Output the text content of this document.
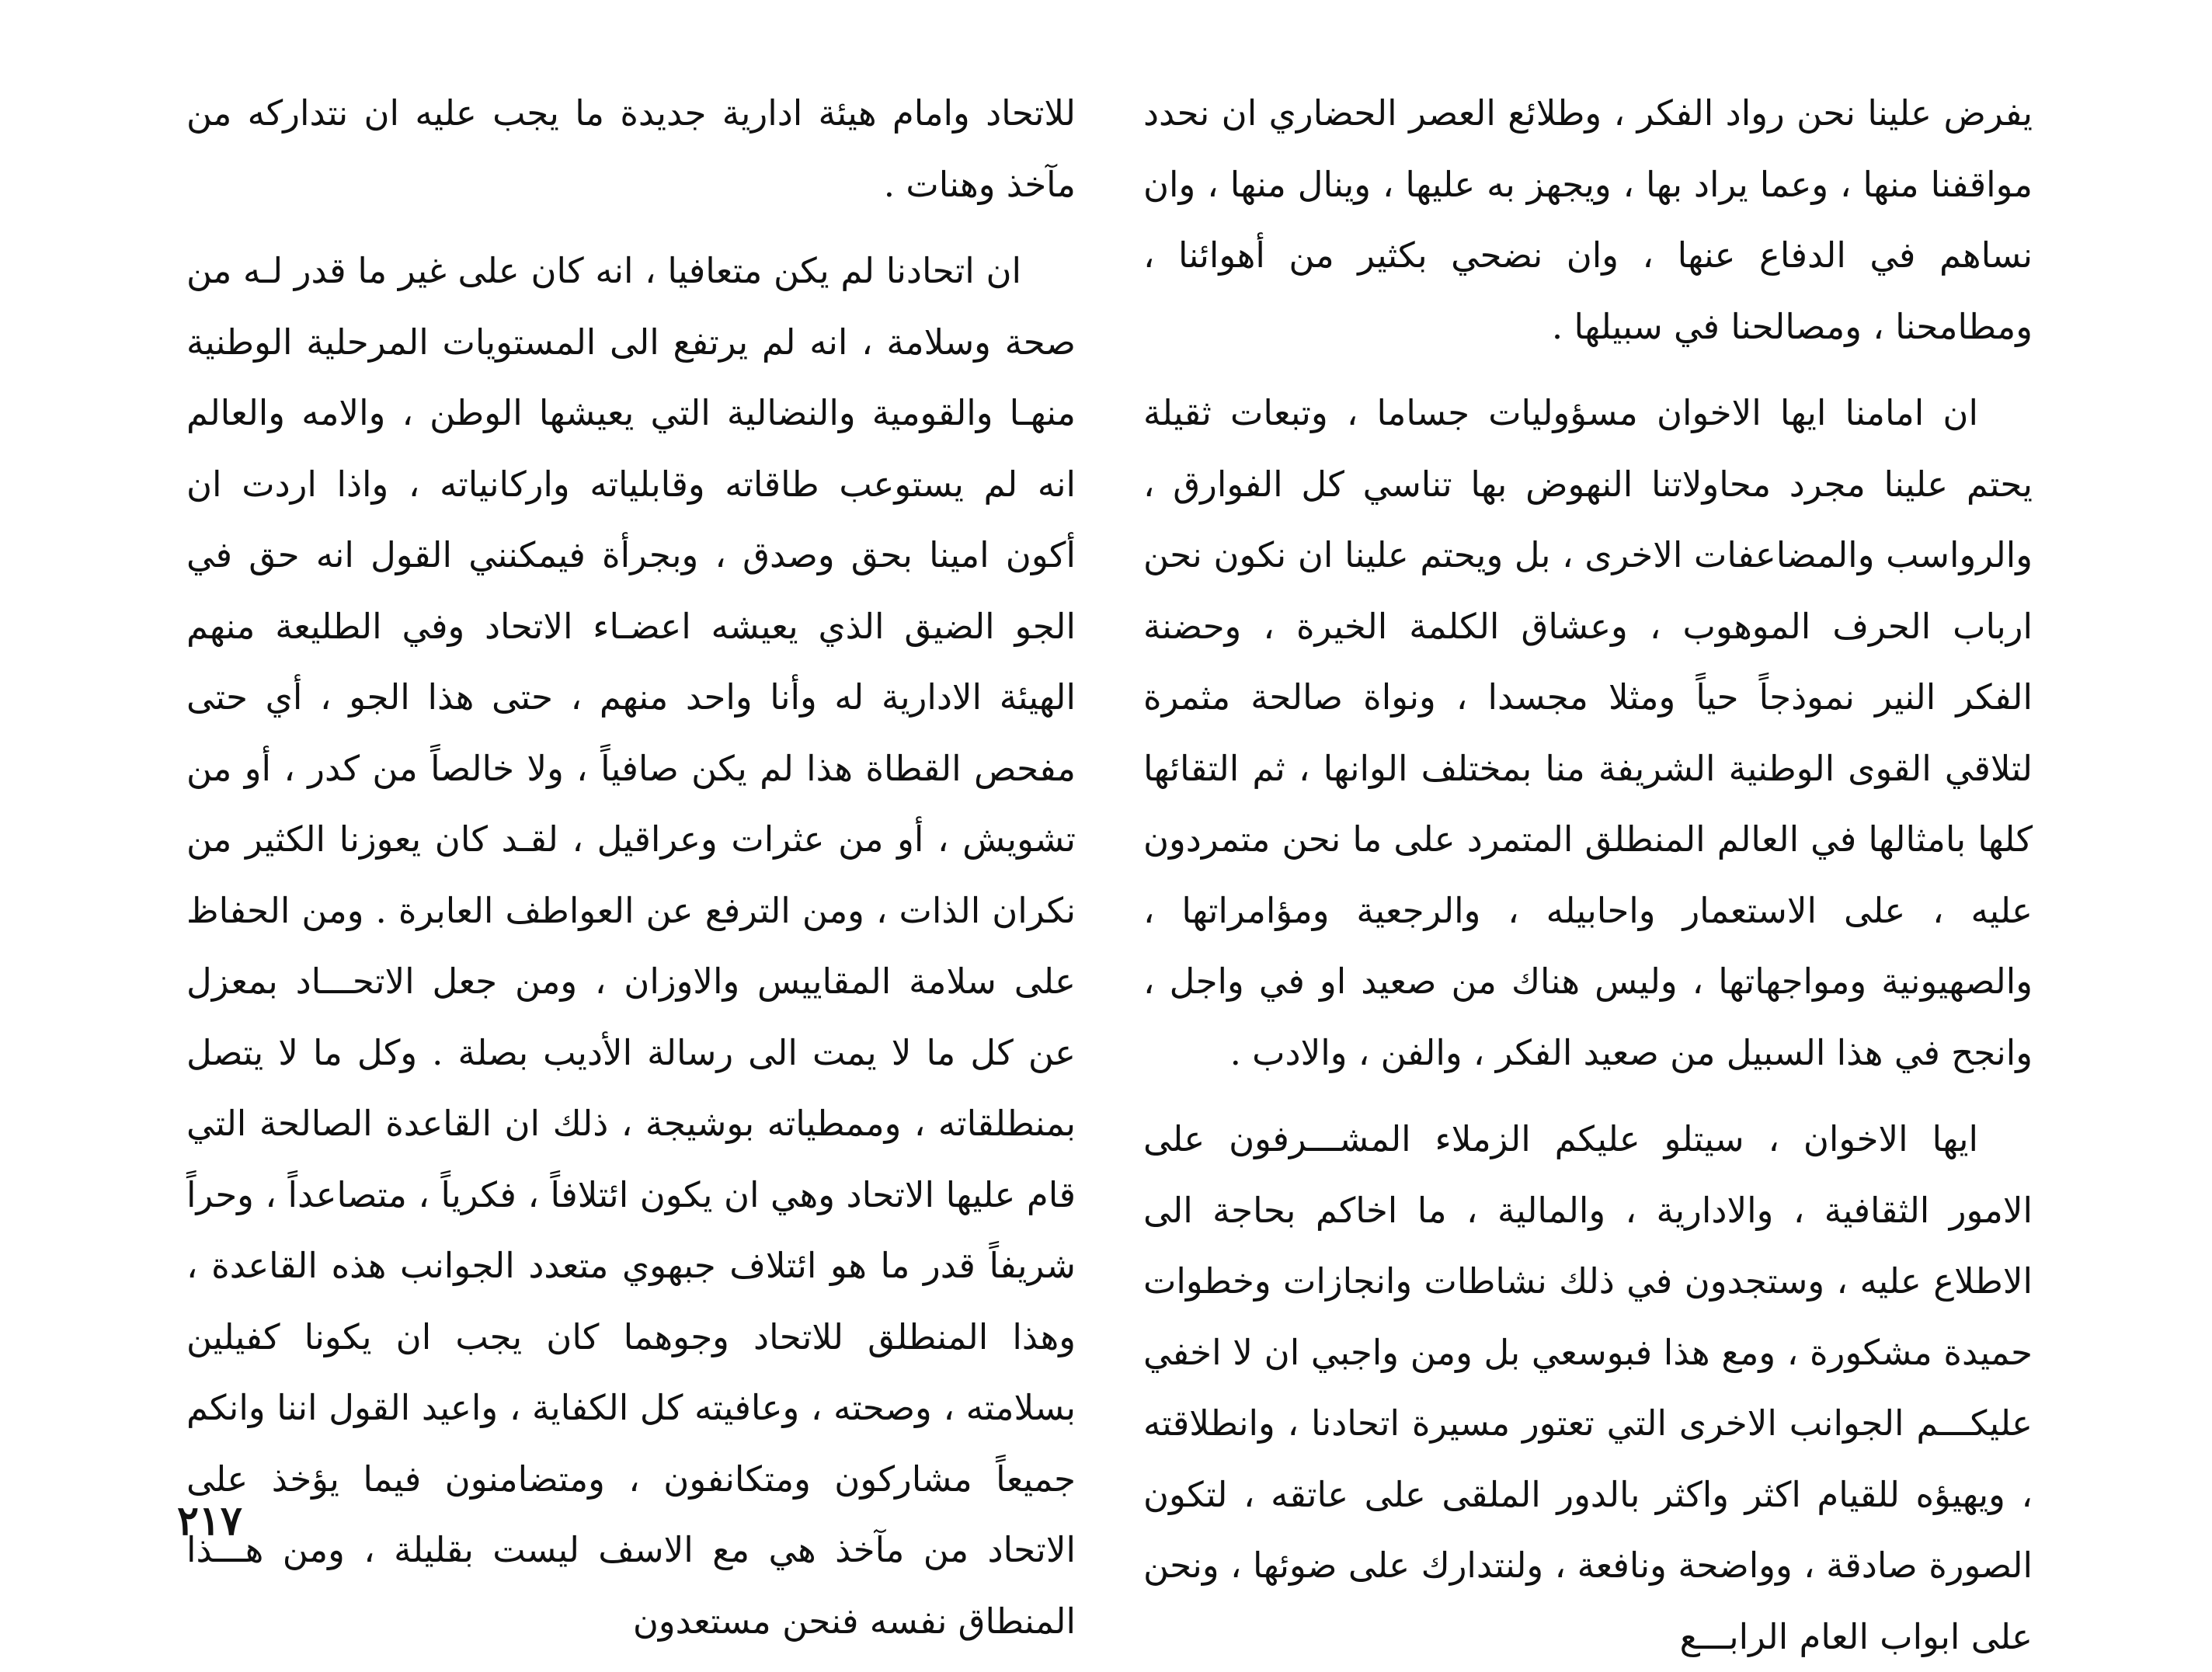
يفرض علينا نحن رواد الفكر ، وطلائع العصر الحضاري ان نحدد مواقفنا منها ، وعما يراد بها ، ويجهز به عليها ، وينال منها ، وان نساهم في الدفاع عنها ، وان نضحي بكثير من أهوائنا ، ومطامحنا ، ومصالحنا في سبيلها .

ان امامنا ايها الاخوان مسؤوليات جساما ، وتبعات ثقيلة يحتم علينا مجرد محاولاتنا النهوض بها تناسي كل الفوارق ، والرواسب والمضاعفات الاخرى ، بل ويحتم علينا ان نكون نحن ارباب الحرف الموهوب ، وعشاق الكلمة الخيرة ، وحضنة الفكر النير نموذجاً حياً ومثلا مجسدا ، ونواة صالحة مثمرة لتلاقي القوى الوطنية الشريفة منا بمختلف الوانها ، ثم التقائها كلها بامثالها في العالم المنطلق المتمرد على ما نحن متمردون عليه ، على الاستعمار واحابيله ، والرجعية ومؤامراتها ، والصهيونية ومواجهاتها ، وليس هناك من صعيد او في واجل ، وانجح في هذا السبيل من صعيد الفكر ، والفن ، والادب .

ايها الاخوان ، سيتلو عليكم الزملاء المشـــرفون على الامور الثقافية ، والادارية ، والمالية ، ما اخاكم بحاجة الى الاطلاع عليه ، وستجدون في ذلك نشاطات وانجازات وخطوات حميدة مشكورة ، ومع هذا فبوسعي بل ومن واجبي ان لا اخفي عليكـــم الجوانب الاخرى التي تعتور مسيرة اتحادنا ، وانطلاقته ، ويهيؤه للقيام اكثر واكثر بالدور الملقى على عاتقه ، لتكون الصورة صادقة ، وواضحة ونافعة ، ولنتدارك على ضوئها ، ونحن على ابواب العام الرابـــع

للاتحاد وامام هيئة ادارية جديدة ما يجب عليه ان نتداركه من مآخذ وهنات .

ان اتحادنا لم يكن متعافيا ، انه كان على غير ما قدر لـه من صحة وسلامة ، انه لم يرتفع الى المستويات المرحلية الوطنية منهـا والقومية والنضالية التي يعيشها الوطن ، والامه والعالم انه لم يستوعب طاقاته وقابلياته واركانياته ، واذا اردت ان أكون امينا بحق وصدق ، وبجرأة فيمكنني القول انه حق في الجو الضيق الذي يعيشه اعضـاء الاتحاد وفي الطليعة منهم الهيئة الادارية له وأنا واحد منهم ، حتى هذا الجو ، أي حتى مفحص القطاة هذا لم يكن صافياً ، ولا خالصاً من كدر ، أو من تشويش ، أو من عثرات وعراقيل ، لقـد كان يعوزنا الكثير من نكران الذات ، ومن الترفع عن العواطف العابرة . ومن الحفاظ على سلامة المقاييس والاوزان ، ومن جعل الاتحـــاد بمعزل عن كل ما لا يمت الى رسالة الأديب بصلة . وكل ما لا يتصل بمنطلقاته ، وممطياته بوشيجة ، ذلك ان القاعدة الصالحة التي قام عليها الاتحاد وهي ان يكون ائتلافاً ، فكرياً ، متصاعداً ، وحراً شريفاً قدر ما هو ائتلاف جبهوي متعدد الجوانب هذه القاعدة ، وهذا المنطلق للاتحاد وجوهما كان يجب ان يكونا كفيلين بسلامته ، وصحته ، وعافيته كل الكفاية ، واعيد القول اننا وانكم جميعاً مشاركون ومتكانفون ، ومتضامنون فيما يؤخذ على الاتحاد من مآخذ هي مع الاسف ليست بقليلة ، ومن هـــذا المنطاق نفسه فنحن مستعدون

٢١٧
